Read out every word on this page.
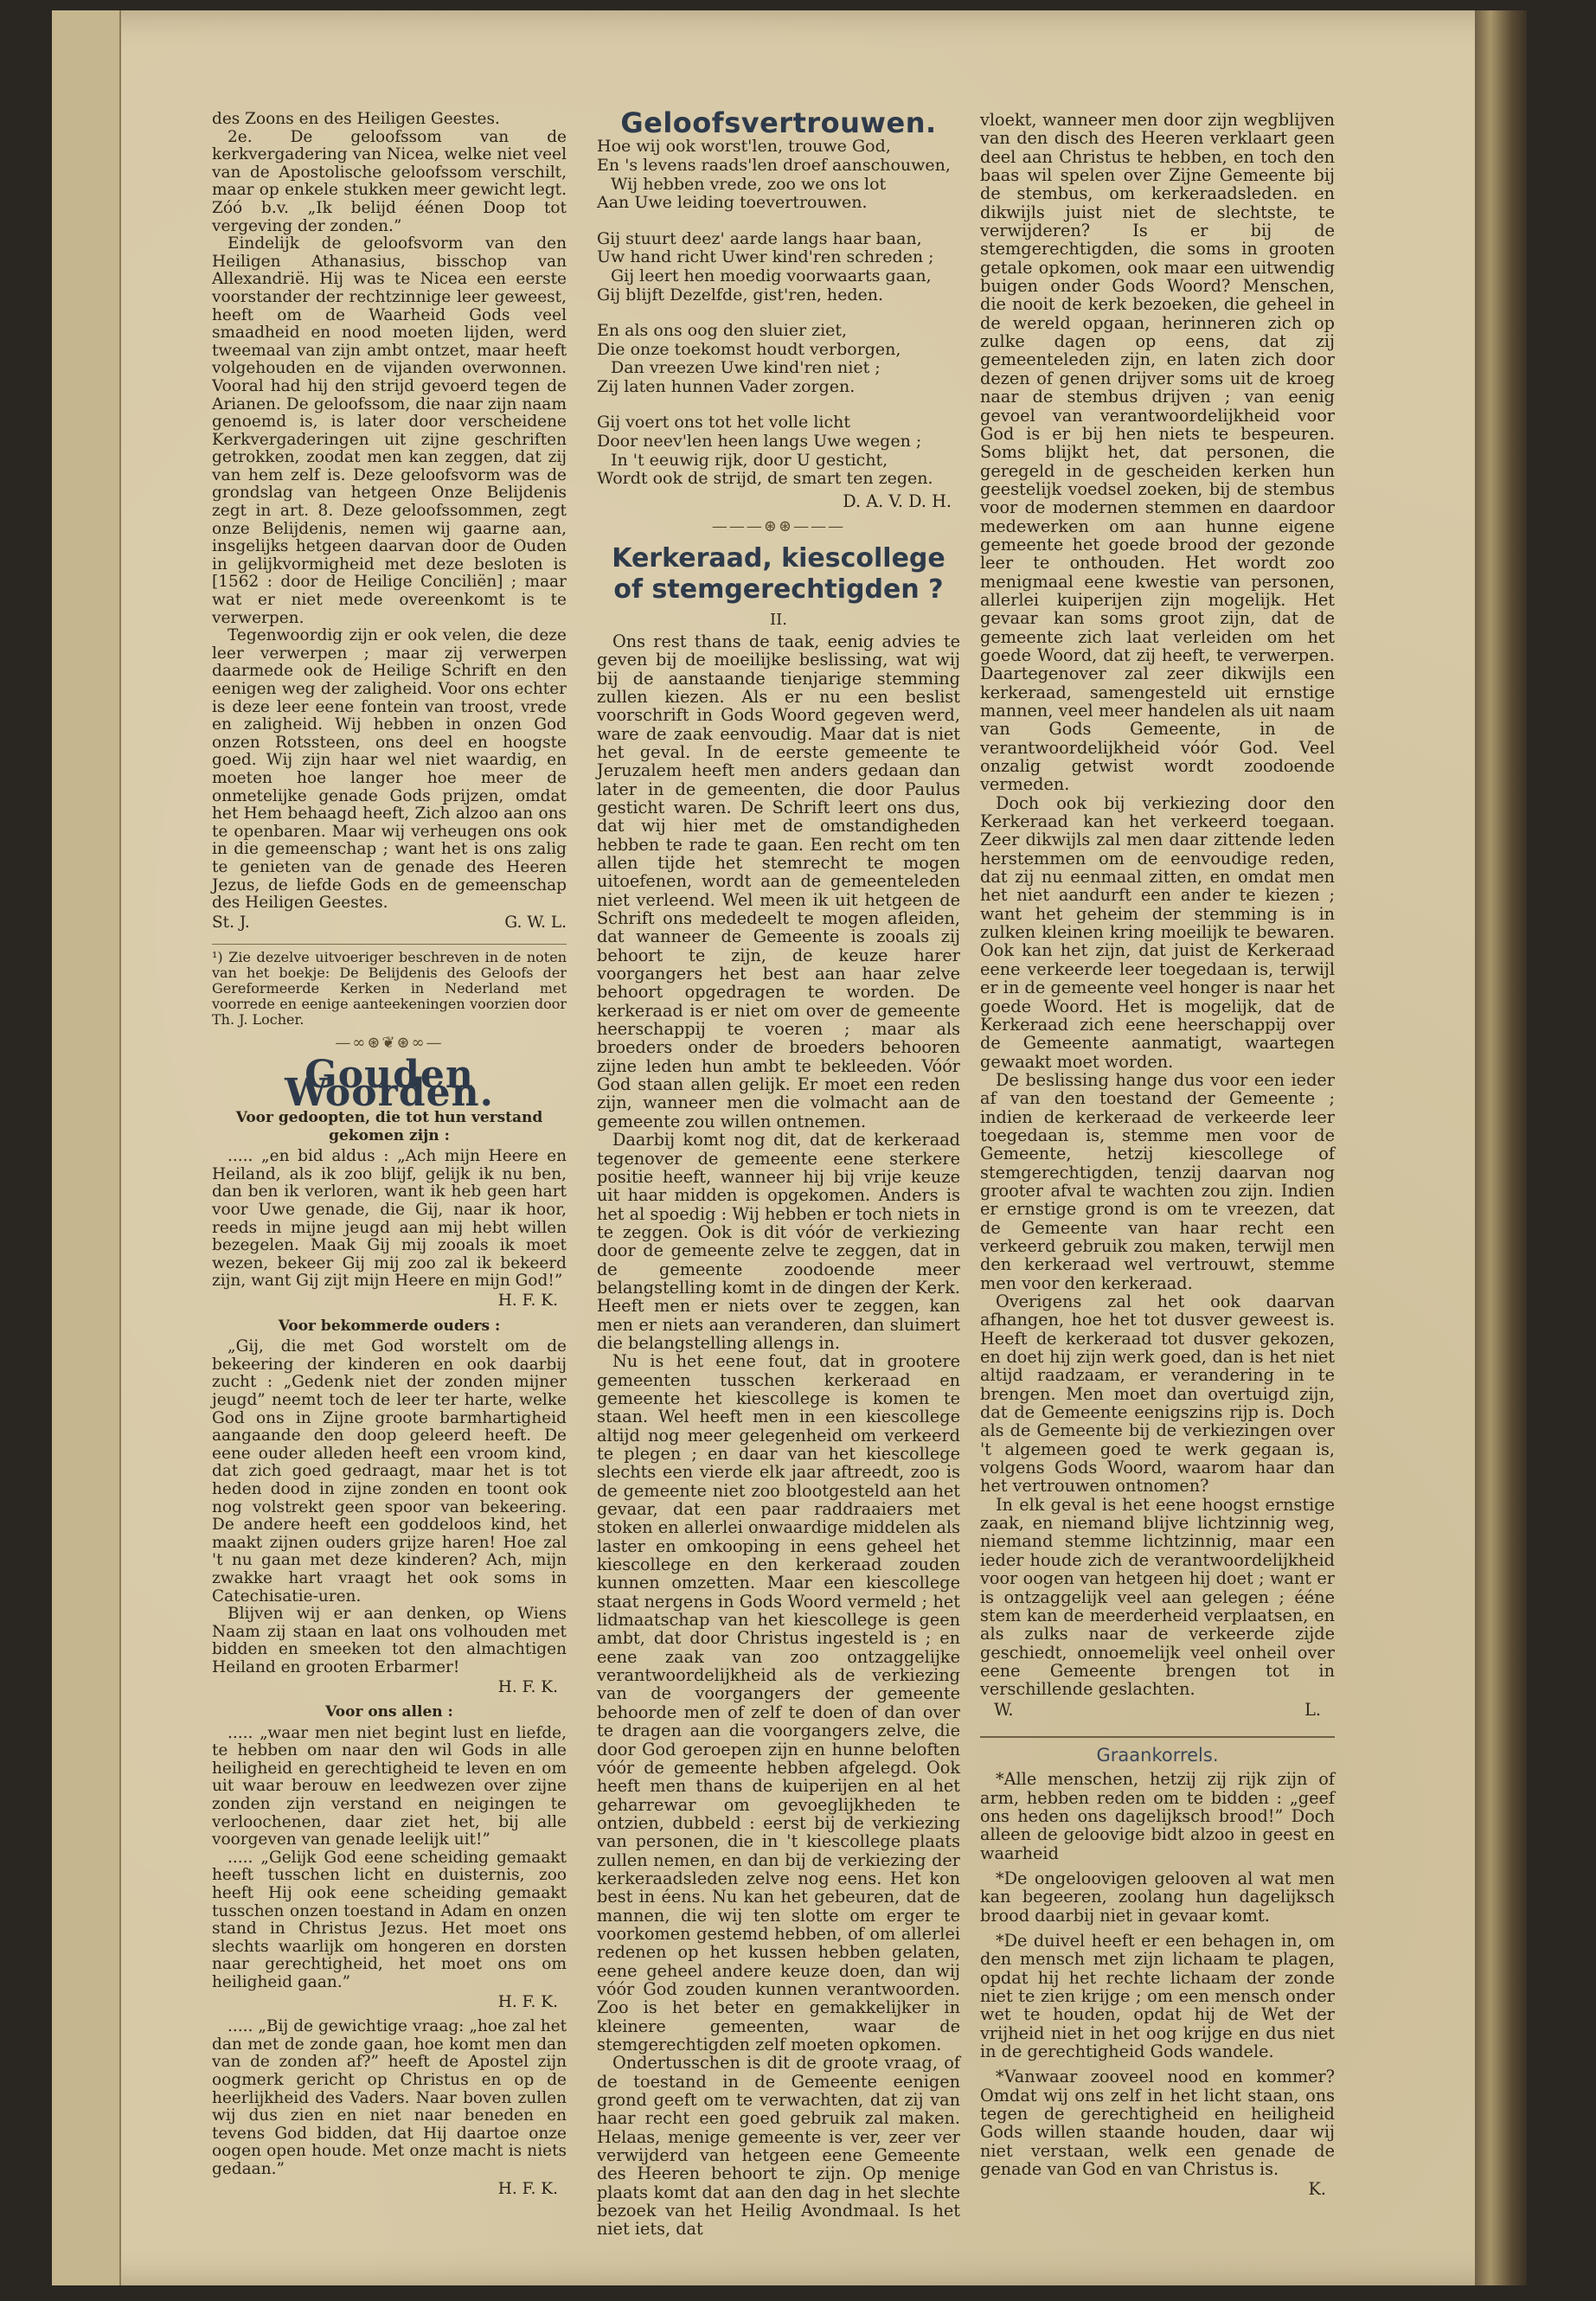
des Zoons en des Heiligen Geestes.

2e. De geloofssom van de kerkvergadering van Nicea, welke niet veel van de Apostolische geloofssom verschilt, maar op enkele stukken meer gewicht legt. Zóó b.v. „Ik belijd éénen Doop tot vergeving der zonden.”

Eindelijk de geloofsvorm van den Heiligen Athanasius, bisschop van Allexandrië. Hij was te Nicea een eerste voorstander der rechtzinnige leer geweest, heeft om de Waarheid Gods veel smaadheid en nood moeten lijden, werd tweemaal van zijn ambt ontzet, maar heeft volgehouden en de vijanden overwonnen. Vooral had hij den strijd gevoerd tegen de Arianen. De geloofssom, die naar zijn naam genoemd is, is later door verscheidene Kerkvergaderingen uit zijne geschriften getrokken, zoodat men kan zeggen, dat zij van hem zelf is. Deze geloofsvorm was de grondslag van hetgeen Onze Belijdenis zegt in art. 8. Deze geloofssommen, zegt onze Belijdenis, nemen wij gaarne aan, insgelijks hetgeen daarvan door de Ouden in gelijkvormigheid met deze besloten is [1562 : door de Heilige Conciliën] ; maar wat er niet mede overeenkomt is te verwerpen.

Tegenwoordig zijn er ook velen, die deze leer verwerpen ; maar zij verwerpen daarmede ook de Heilige Schrift en den eenigen weg der zaligheid. Voor ons echter is deze leer eene fontein van troost, vrede en zaligheid. Wij hebben in onzen God onzen Rotssteen, ons deel en hoogste goed. Wij zijn haar wel niet waardig, en moeten hoe langer hoe meer de onmetelijke genade Gods prijzen, omdat het Hem behaagd heeft, Zich alzoo aan ons te openbaren. Maar wij verheugen ons ook in die gemeenschap ; want het is ons zalig te genieten van de genade des Heeren Jezus, de liefde Gods en de gemeenschap des Heiligen Geestes.

St. J.	G. W. L.
¹) Zie dezelve uitvoeriger beschreven in de noten van het boekje: De Belijdenis des Geloofs der Gereformeerde Kerken in Nederland met voorrede en eenige aanteekeningen voorzien door Th. J. Locher.
—∞⊛❦⊛∞—
Gouden Woorden.
Voor gedoopten, die tot hun verstand gekomen zijn :

..... „en bid aldus : „Ach mijn Heere en Heiland, als ik zoo blijf, gelijk ik nu ben, dan ben ik verloren, want ik heb geen hart voor Uwe genade, die Gij, naar ik hoor, reeds in mijne jeugd aan mij hebt willen bezegelen. Maak Gij mij zooals ik moet wezen, bekeer Gij mij zoo zal ik bekeerd zijn, want Gij zijt mijn Heere en mijn God!”

H. F. K.
Voor bekommerde ouders :

„Gij, die met God worstelt om de bekeering der kinderen en ook daarbij zucht : „Gedenk niet der zonden mijner jeugd” neemt toch de leer ter harte, welke God ons in Zijne groote barmhartigheid aangaande den doop geleerd heeft. De eene ouder alleden heeft een vroom kind, dat zich goed gedraagt, maar het is tot heden dood in zijne zonden en toont ook nog volstrekt geen spoor van bekeering. De andere heeft een goddeloos kind, het maakt zijnen ouders grijze haren! Hoe zal 't nu gaan met deze kinderen? Ach, mijn zwakke hart vraagt het ook soms in Catechisatie-uren.

Blijven wij er aan denken, op Wiens Naam zij staan en laat ons volhouden met bidden en smeeken tot den almachtigen Heiland en grooten Erbarmer!

H. F. K.
Voor ons allen :

..... „waar men niet begint lust en liefde, te hebben om naar den wil Gods in alle heiligheid en gerechtigheid te leven en om uit waar berouw en leedwezen over zijne zonden zijn verstand en neigingen te verloochenen, daar ziet het, bij alle voorgeven van genade leelijk uit!”

..... „Gelijk God eene scheiding gemaakt heeft tusschen licht en duisternis, zoo heeft Hij ook eene scheiding gemaakt tusschen onzen toestand in Adam en onzen stand in Christus Jezus. Het moet ons slechts waarlijk om hongeren en dorsten naar gerechtigheid, het moet ons om heiligheid gaan.”

H. F. K.

..... „Bij de gewichtige vraag: „hoe zal het dan met de zonde gaan, hoe komt men dan van de zonden af?” heeft de Apostel zijn oogmerk gericht op Christus en op de heerlijkheid des Vaders. Naar boven zullen wij dus zien en niet naar beneden en tevens God bidden, dat Hij daartoe onze oogen open houde. Met onze macht is niets gedaan.”

H. F. K.
Geloofsvertrouwen.
Hoe wij ook worst'len, trouwe God,
En 's levens raads'len droef aanschouwen,
Wij hebben vrede, zoo we ons lot
Aan Uwe leiding toevertrouwen.
Gij stuurt deez' aarde langs haar baan,
Uw hand richt Uwer kind'ren schreden ;
Gij leert hen moedig voorwaarts gaan,
Gij blijft Dezelfde, gist'ren, heden.
En als ons oog den sluier ziet,
Die onze toekomst houdt verborgen,
Dan vreezen Uwe kind'ren niet ;
Zij laten hunnen Vader zorgen.
Gij voert ons tot het volle licht
Door neev'len heen langs Uwe wegen ;
In 't eeuwig rijk, door U gesticht,
Wordt ook de strijd, de smart ten zegen.
D. A. V. D. H.
———⊛⊛———
Kerkeraad, kiescollege of stemgerechtigden ?
II.

Ons rest thans de taak, eenig advies te geven bij de moeilijke beslissing, wat wij bij de aanstaande tienjarige stemming zullen kiezen. Als er nu een beslist voorschrift in Gods Woord gegeven werd, ware de zaak eenvoudig. Maar dat is niet het geval. In de eerste gemeente te Jeruzalem heeft men anders gedaan dan later in de gemeenten, die door Paulus gesticht waren. De Schrift leert ons dus, dat wij hier met de omstandigheden hebben te rade te gaan. Een recht om ten allen tijde het stemrecht te mogen uitoefenen, wordt aan de gemeenteleden niet verleend. Wel meen ik uit hetgeen de Schrift ons mededeelt te mogen afleiden, dat wanneer de Gemeente is zooals zij behoort te zijn, de keuze harer voorgangers het best aan haar zelve behoort opgedragen te worden. De kerkeraad is er niet om over de gemeente heerschappij te voeren ; maar als broeders onder de broeders behooren zijne leden hun ambt te bekleeden. Vóór God staan allen gelijk. Er moet een reden zijn, wanneer men die volmacht aan de gemeente zou willen ontnemen.

Daarbij komt nog dit, dat de kerkeraad tegenover de gemeente eene sterkere positie heeft, wanneer hij bij vrije keuze uit haar midden is opgekomen. Anders is het al spoedig : Wij hebben er toch niets in te zeggen. Ook is dit vóór de verkiezing door de gemeente zelve te zeggen, dat in de gemeente zoodoende meer belangstelling komt in de dingen der Kerk. Heeft men er niets over te zeggen, kan men er niets aan veranderen, dan sluimert die belangstelling allengs in.

Nu is het eene fout, dat in grootere gemeenten tusschen kerkeraad en gemeente het kiescollege is komen te staan. Wel heeft men in een kiescollege altijd nog meer gelegenheid om verkeerd te plegen ; en daar van het kiescollege slechts een vierde elk jaar aftreedt, zoo is de gemeente niet zoo blootgesteld aan het gevaar, dat een paar raddraaiers met stoken en allerlei onwaardige middelen als laster en omkooping in eens geheel het kiescollege en den kerkeraad zouden kunnen omzetten. Maar een kiescollege staat nergens in Gods Woord vermeld ; het lidmaatschap van het kiescollege is geen ambt, dat door Christus ingesteld is ; en eene zaak van zoo ontzaggelijke verantwoordelijkheid als de verkiezing van de voorgangers der gemeente behoorde men of zelf te doen of dan over te dragen aan die voorgangers zelve, die door God geroepen zijn en hunne beloften vóór de gemeente hebben afgelegd. Ook heeft men thans de kuiperijen en al het geharrewar om gevoeglijkheden te ontzien, dubbeld : eerst bij de verkiezing van personen, die in 't kiescollege plaats zullen nemen, en dan bij de verkiezing der kerkeraadsleden zelve nog eens. Het kon best in éens. Nu kan het gebeuren, dat de mannen, die wij ten slotte om erger te voorkomen gestemd hebben, of om allerlei redenen op het kussen hebben gelaten, eene geheel andere keuze doen, dan wij vóór God zouden kunnen verantwoorden. Zoo is het beter en gemakkelijker in kleinere gemeenten, waar de stemgerechtigden zelf moeten opkomen.

Ondertusschen is dit de groote vraag, of de toestand in de Gemeente eenigen grond geeft om te verwachten, dat zij van haar recht een goed gebruik zal maken. Helaas, menige gemeente is ver, zeer ver verwijderd van hetgeen eene Gemeente des Heeren behoort te zijn. Op menige plaats komt dat aan den dag in het slechte bezoek van het Heilig Avondmaal. Is het niet iets, dat

vloekt, wanneer men door zijn wegblijven van den disch des Heeren verklaart geen deel aan Christus te hebben, en toch den baas wil spelen over Zijne Gemeente bij de stembus, om kerkeraadsleden. en dikwijls juist niet de slechtste, te verwijderen? Is er bij de stemgerechtigden, die soms in grooten getale opkomen, ook maar een uitwendig buigen onder Gods Woord? Menschen, die nooit de kerk bezoeken, die geheel in de wereld opgaan, herinneren zich op zulke dagen op eens, dat zij gemeenteleden zijn, en laten zich door dezen of genen drijver soms uit de kroeg naar de stembus drijven ; van eenig gevoel van verantwoordelijkheid voor God is er bij hen niets te bespeuren. Soms blijkt het, dat personen, die geregeld in de gescheiden kerken hun geestelijk voedsel zoeken, bij de stembus voor de modernen stemmen en daardoor medewerken om aan hunne eigene gemeente het goede brood der gezonde leer te onthouden. Het wordt zoo menigmaal eene kwestie van personen, allerlei kuiperijen zijn mogelijk. Het gevaar kan soms groot zijn, dat de gemeente zich laat verleiden om het goede Woord, dat zij heeft, te verwerpen. Daartegenover zal zeer dikwijls een kerkeraad, samengesteld uit ernstige mannen, veel meer handelen als uit naam van Gods Gemeente, in de verantwoordelijkheid vóór God. Veel onzalig getwist wordt zoodoende vermeden.

Doch ook bij verkiezing door den Kerkeraad kan het verkeerd toegaan. Zeer dikwijls zal men daar zittende leden herstemmen om de eenvoudige reden, dat zij nu eenmaal zitten, en omdat men het niet aandurft een ander te kiezen ; want het geheim der stemming is in zulken kleinen kring moeilijk te bewaren. Ook kan het zijn, dat juist de Kerkeraad eene verkeerde leer toegedaan is, terwijl er in de gemeente veel honger is naar het goede Woord. Het is mogelijk, dat de Kerkeraad zich eene heerschappij over de Gemeente aanmatigt, waartegen gewaakt moet worden.

De beslissing hange dus voor een ieder af van den toestand der Gemeente ; indien de kerkeraad de verkeerde leer toegedaan is, stemme men voor de Gemeente, hetzij kiescollege of stemgerechtigden, tenzij daarvan nog grooter afval te wachten zou zijn. Indien er ernstige grond is om te vreezen, dat de Gemeente van haar recht een verkeerd gebruik zou maken, terwijl men den kerkeraad wel vertrouwt, stemme men voor den kerkeraad.

Overigens zal het ook daarvan afhangen, hoe het tot dusver geweest is. Heeft de kerkeraad tot dusver gekozen, en doet hij zijn werk goed, dan is het niet altijd raadzaam, er verandering in te brengen. Men moet dan overtuigd zijn, dat de Gemeente eenigszins rijp is. Doch als de Gemeente bij de verkiezingen over 't algemeen goed te werk gegaan is, volgens Gods Woord, waarom haar dan het vertrouwen ontnomen?

In elk geval is het eene hoogst ernstige zaak, en niemand blijve lichtzinnig weg, niemand stemme lichtzinnig, maar een ieder houde zich de verantwoordelijkheid voor oogen van hetgeen hij doet ; want er is ontzaggelijk veel aan gelegen ; ééne stem kan de meerderheid verplaatsen, en als zulks naar de verkeerde zijde geschiedt, onnoemelijk veel onheil over eene Gemeente brengen tot in verschillende geslachten.

W.	L.
Graankorrels.

*Alle menschen, hetzij zij rijk zijn of arm, hebben reden om te bidden : „geef ons heden ons dagelijksch brood!” Doch alleen de geloovige bidt alzoo in geest en waarheid

*De ongeloovigen gelooven al wat men kan begeeren, zoolang hun dagelijksch brood daarbij niet in gevaar komt.

*De duivel heeft er een behagen in, om den mensch met zijn lichaam te plagen, opdat hij het rechte lichaam der zonde niet te zien krijge ; om een mensch onder wet te houden, opdat hij de Wet der vrijheid niet in het oog krijge en dus niet in de gerechtigheid Gods wandele.

*Vanwaar zooveel nood en kommer? Omdat wij ons zelf in het licht staan, ons tegen de gerechtigheid en heiligheid Gods willen staande houden, daar wij niet verstaan, welk een genade de genade van God en van Christus is.

K.
